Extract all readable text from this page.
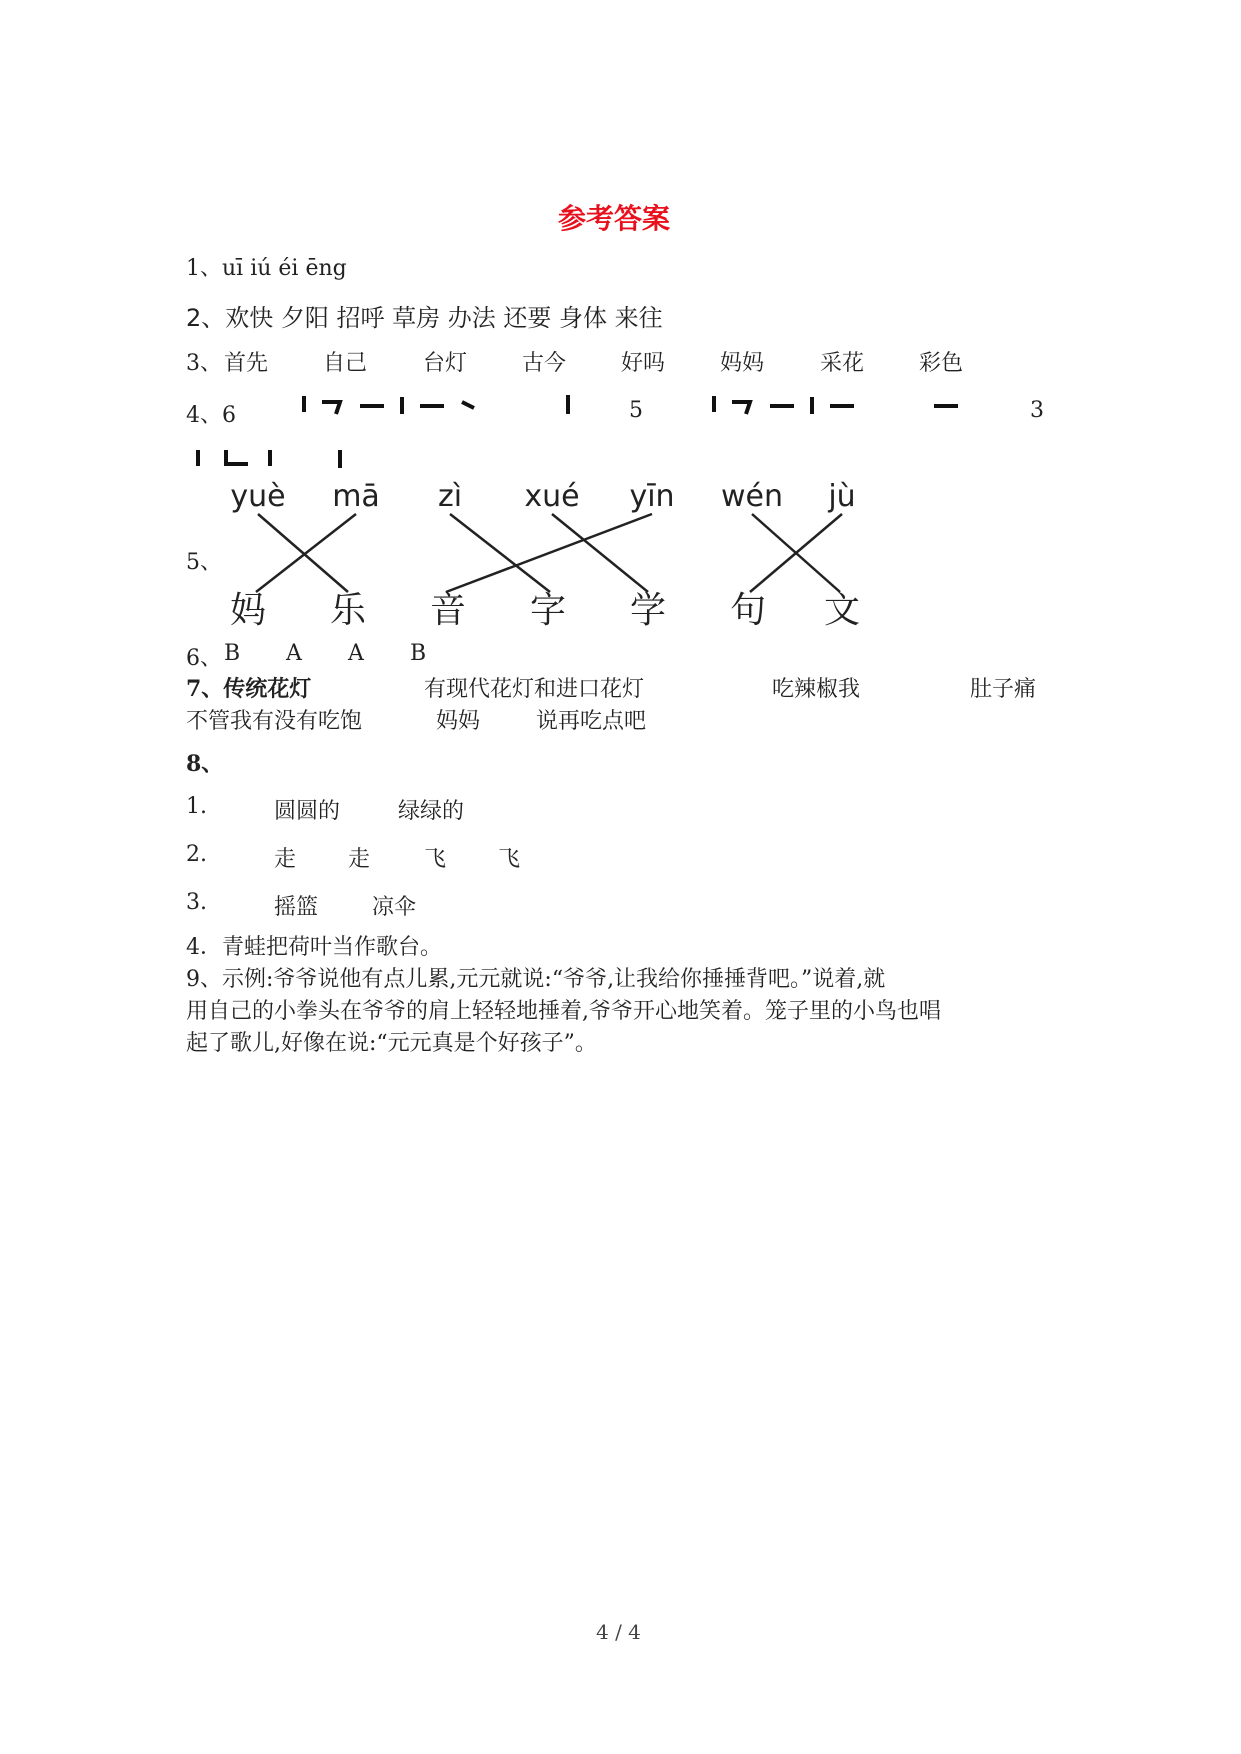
参考答案
1、uī iú éi ēng
2、欢快 夕阳 招呼 草房 办法 还要 身体 来往
3、 首先 自己	台灯 古今 好吗 妈妈	采花 彩色
4、6	5	3
5、
yuè mā zì xué yīn wén jù
妈 乐 音 字 学 句 文
6、 B A A B
7、传统花灯	有现代花灯和进口花灯	吃辣椒我	肚子痛
不管我有没有吃饱	妈妈	说再吃点吧
8、
1.	圆圆的	绿绿的
2.	走 走 飞 飞
3.	摇篮 凉伞
4．青蛙把荷叶当作歌台。
9、示例:爷爷说他有点儿累,元元就说:“爷爷,让我给你捶捶背吧。”说着,就
用自己的小拳头在爷爷的肩上轻轻地捶着,爷爷开心地笑着。笼子里的小鸟也唱
起了歌儿,好像在说:“元元真是个好孩子”。
4 / 4
